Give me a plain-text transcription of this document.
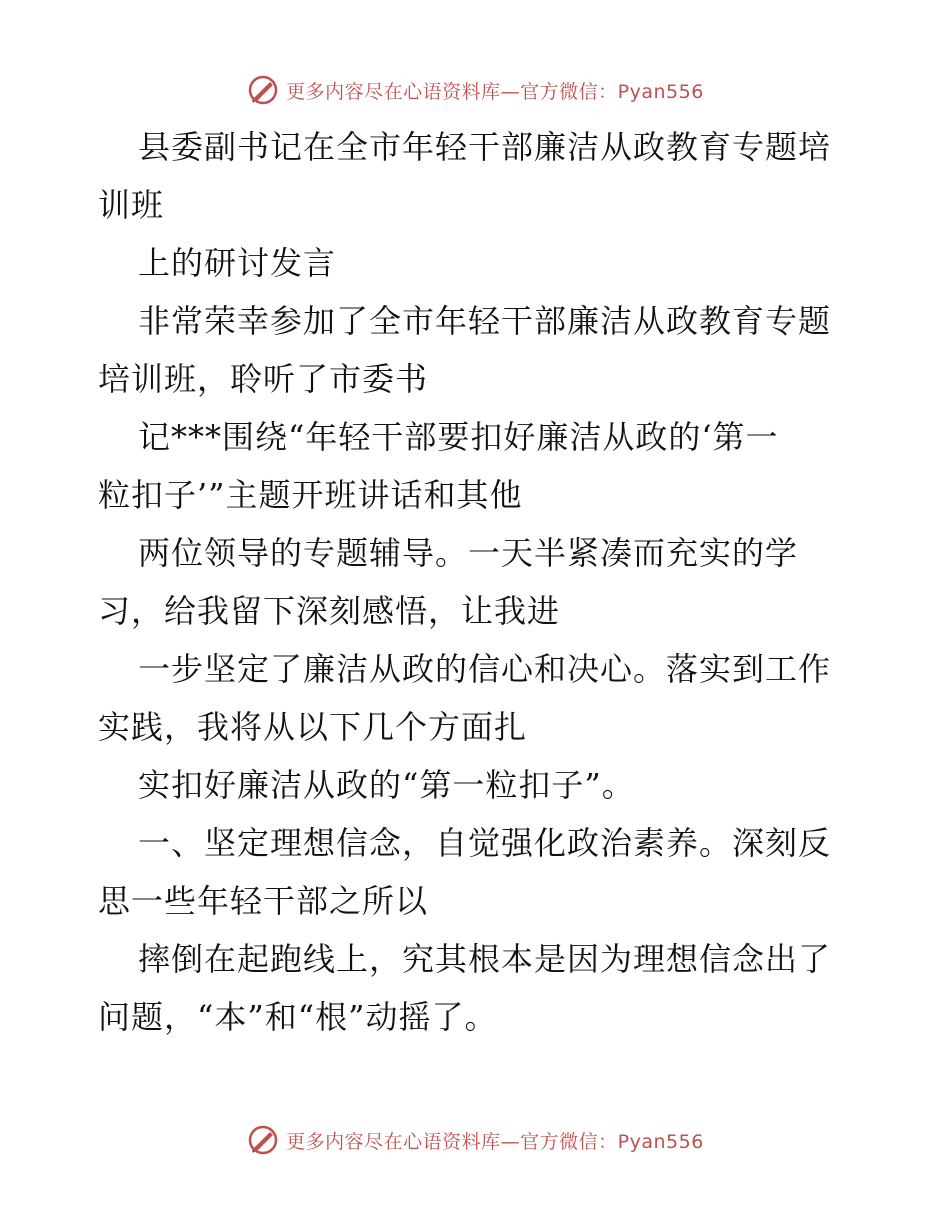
更多内容尽在心语资料库—官方微信：Pyan556
县委副书记在全市年轻干部廉洁从政教育专题培
训班
上的研讨发言
非常荣幸参加了全市年轻干部廉洁从政教育专题
培训班，聆听了市委书
记***围绕“年轻干部要扣好廉洁从政的‘第一
粒扣子’”主题开班讲话和其他
两位领导的专题辅导。一天半紧凑而充实的学
习，给我留下深刻感悟，让我进
一步坚定了廉洁从政的信心和决心。落实到工作
实践，我将从以下几个方面扎
实扣好廉洁从政的“第一粒扣子”。
一、坚定理想信念，自觉强化政治素养。深刻反
思一些年轻干部之所以
摔倒在起跑线上，究其根本是因为理想信念出了
问题，“本”和“根”动摇了。
更多内容尽在心语资料库—官方微信：Pyan556
